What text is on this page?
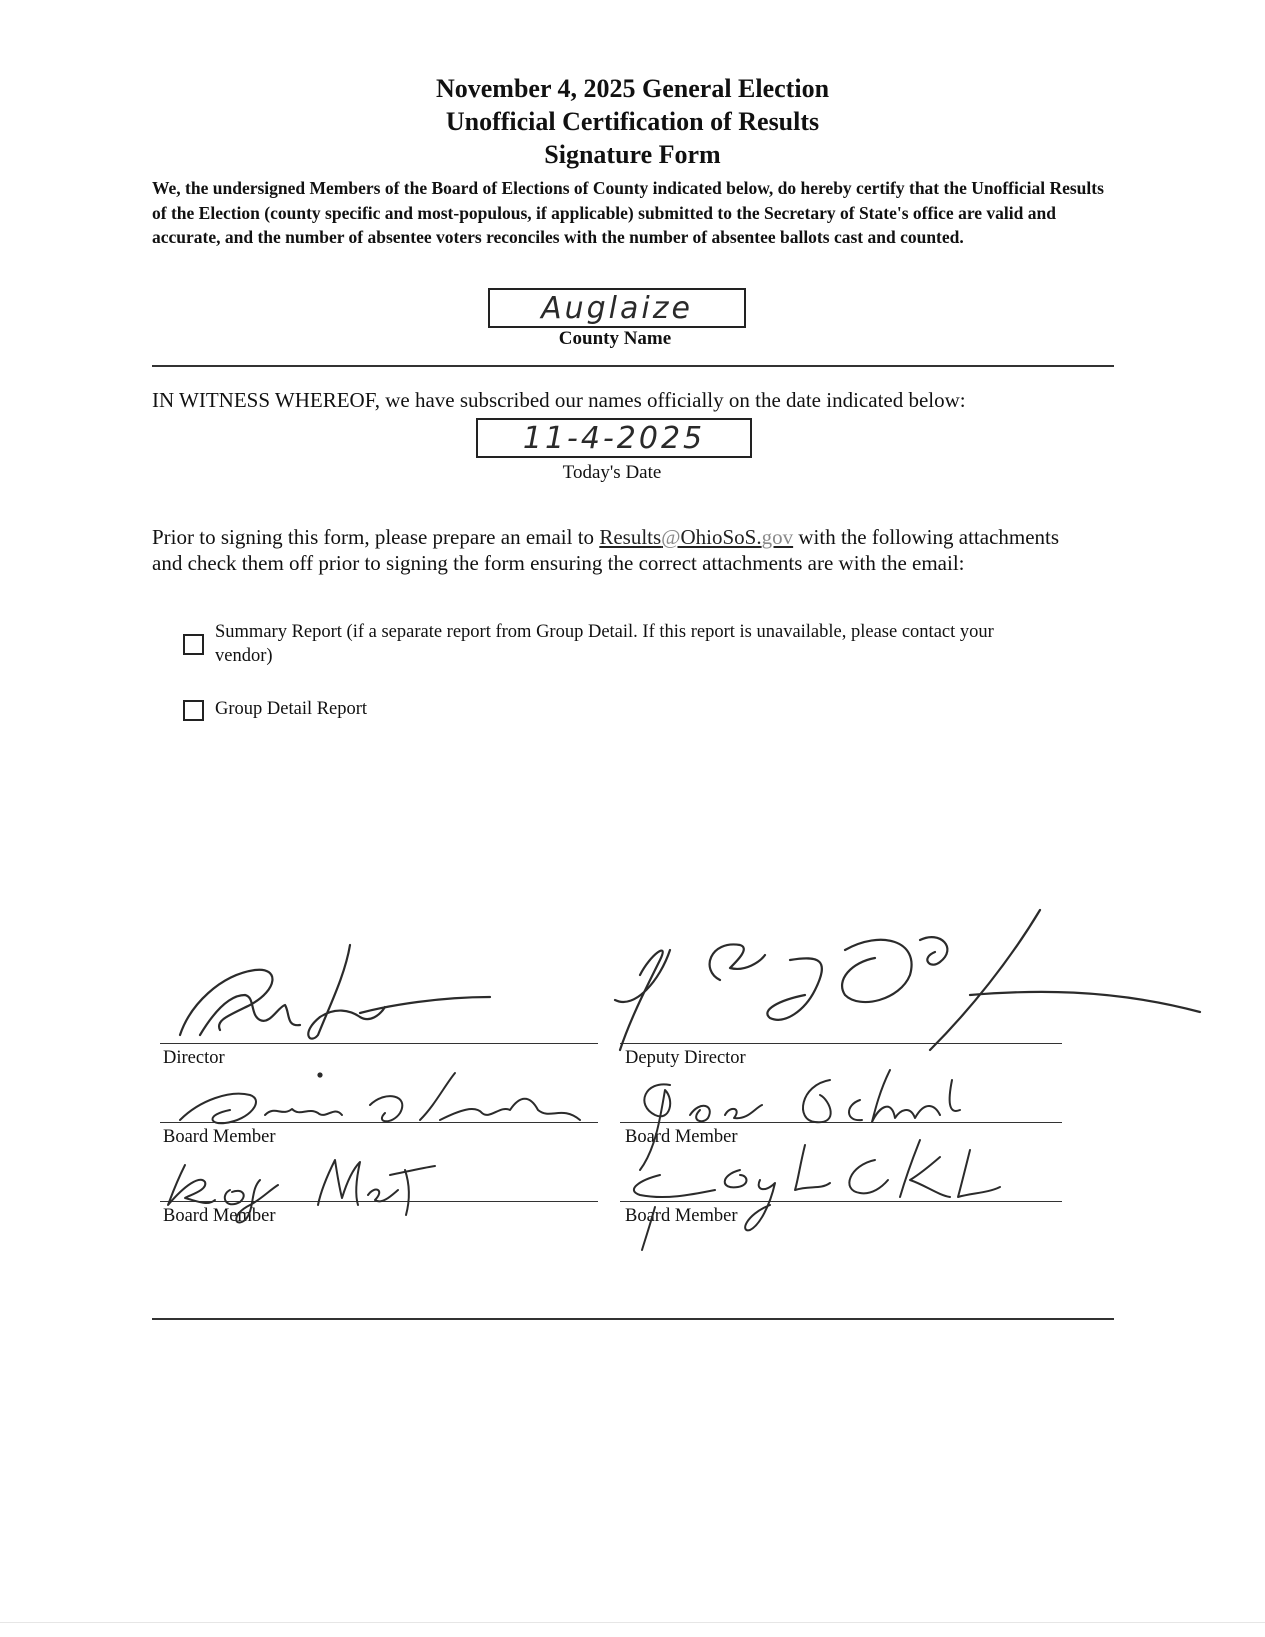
November 4, 2025 General Election
Unofficial Certification of Results
Signature Form
We, the undersigned Members of the Board of Elections of County indicated below, do hereby certify that the Unofficial Results of the Election (county specific and most-populous, if applicable) submitted to the Secretary of State's office are valid and accurate, and the number of absentee voters reconciles with the number of absentee ballots cast and counted.
Auglaize
County Name
IN WITNESS WHEREOF, we have subscribed our names officially on the date indicated below:
11-4-2025
Today's Date
Prior to signing this form, please prepare an email to Results@OhioSoS.gov with the following attachments and check them off prior to signing the form ensuring the correct attachments are with the email:
Summary Report (if a separate report from Group Detail. If this report is unavailable, please contact your vendor)
Group Detail Report
Director	Deputy Director
Board Member	Board Member
Board Member	Board Member
